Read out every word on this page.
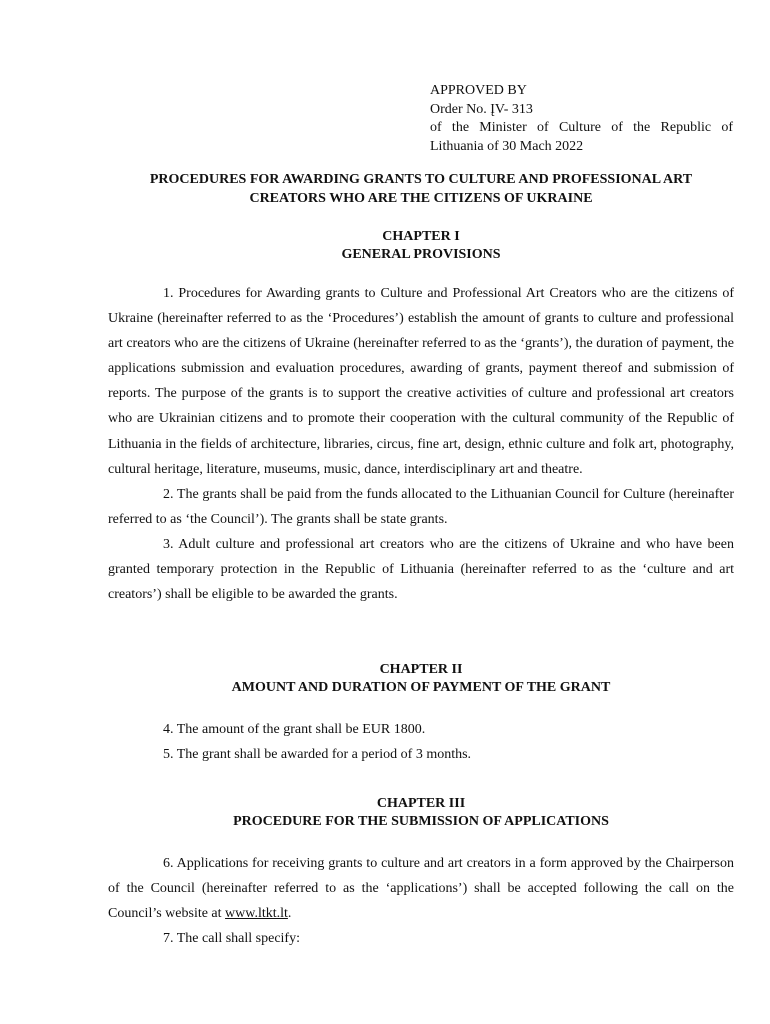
APPROVED BY
Order No. ĮV- 313
of the Minister of Culture of the Republic of
Lithuania of 30 Mach 2022
PROCEDURES FOR AWARDING GRANTS TO CULTURE AND PROFESSIONAL ART
CREATORS WHO ARE THE CITIZENS OF UKRAINE
CHAPTER I
GENERAL PROVISIONS

1. Procedures for Awarding grants to Culture and Professional Art Creators who are the citizens of Ukraine (hereinafter referred to as the ‘Procedures’) establish the amount of grants to culture and professional art creators who are the citizens of Ukraine (hereinafter referred to as the ‘grants’), the duration of payment, the applications submission and evaluation procedures, awarding of grants, payment thereof and submission of reports. The purpose of the grants is to support the creative activities of culture and professional art creators who are Ukrainian citizens and to promote their cooperation with the cultural community of the Republic of Lithuania in the fields of architecture, libraries, circus, fine art, design, ethnic culture and folk art, photography, cultural heritage, literature, museums, music, dance, interdisciplinary art and theatre.

2. The grants shall be paid from the funds allocated to the Lithuanian Council for Culture (hereinafter referred to as ‘the Council’). The grants shall be state grants.

3. Adult culture and professional art creators who are the citizens of Ukraine and who have been granted temporary protection in the Republic of Lithuania (hereinafter referred to as the ‘culture and art creators’) shall be eligible to be awarded the grants.

CHAPTER II
AMOUNT AND DURATION OF PAYMENT OF THE GRANT

4. The amount of the grant shall be EUR 1800.

5. The grant shall be awarded for a period of 3 months.

CHAPTER III
PROCEDURE FOR THE SUBMISSION OF APPLICATIONS

6. Applications for receiving grants to culture and art creators in a form approved by the Chairperson of the Council (hereinafter referred to as the ‘applications’) shall be accepted following the call on the Council’s website at www.ltkt.lt.

7. The call shall specify:
